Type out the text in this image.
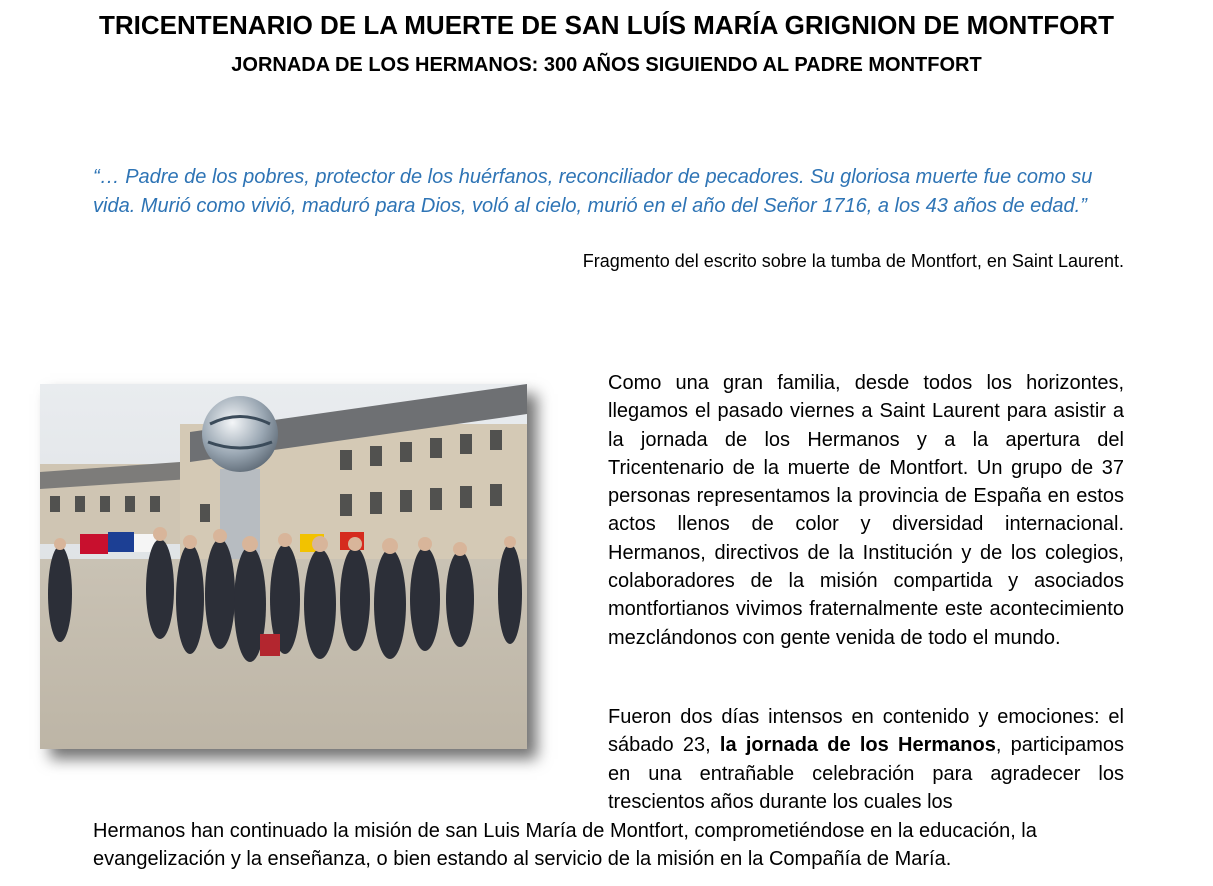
TRICENTENARIO DE LA MUERTE DE SAN LUÍS MARÍA GRIGNION DE MONTFORT
JORNADA DE LOS HERMANOS: 300 AÑOS SIGUIENDO AL PADRE MONTFORT
“… Padre de los pobres, protector de los huérfanos, reconciliador de pecadores. Su gloriosa muerte fue como su vida. Murió como vivió, maduró para Dios, voló al cielo, murió en el año del Señor 1716, a los 43 años de edad.”
Fragmento del escrito sobre la tumba de Montfort, en Saint Laurent.
Como una gran familia, desde todos los horizontes, llegamos el pasado viernes a Saint Laurent para asistir a la jornada de los Hermanos y a la apertura del Tricentenario de la muerte de Montfort. Un grupo de 37 personas representamos la provincia de España en estos actos llenos de color y diversidad internacional. Hermanos, directivos de la Institución y de los colegios, colaboradores de la misión compartida y asociados montfortianos vivimos fraternalmente este acontecimiento mezclándonos con gente venida de todo el mundo.
Fueron dos días intensos en contenido y emociones: el sábado 23, la jornada de los Hermanos, participamos en una entrañable celebración para agradecer los trescientos años durante los cuales los
Hermanos han continuado la misión de san Luis María de Montfort, comprometiéndose en la educación, la evangelización y la enseñanza, o bien estando al servicio de la misión en la Compañía de María.
